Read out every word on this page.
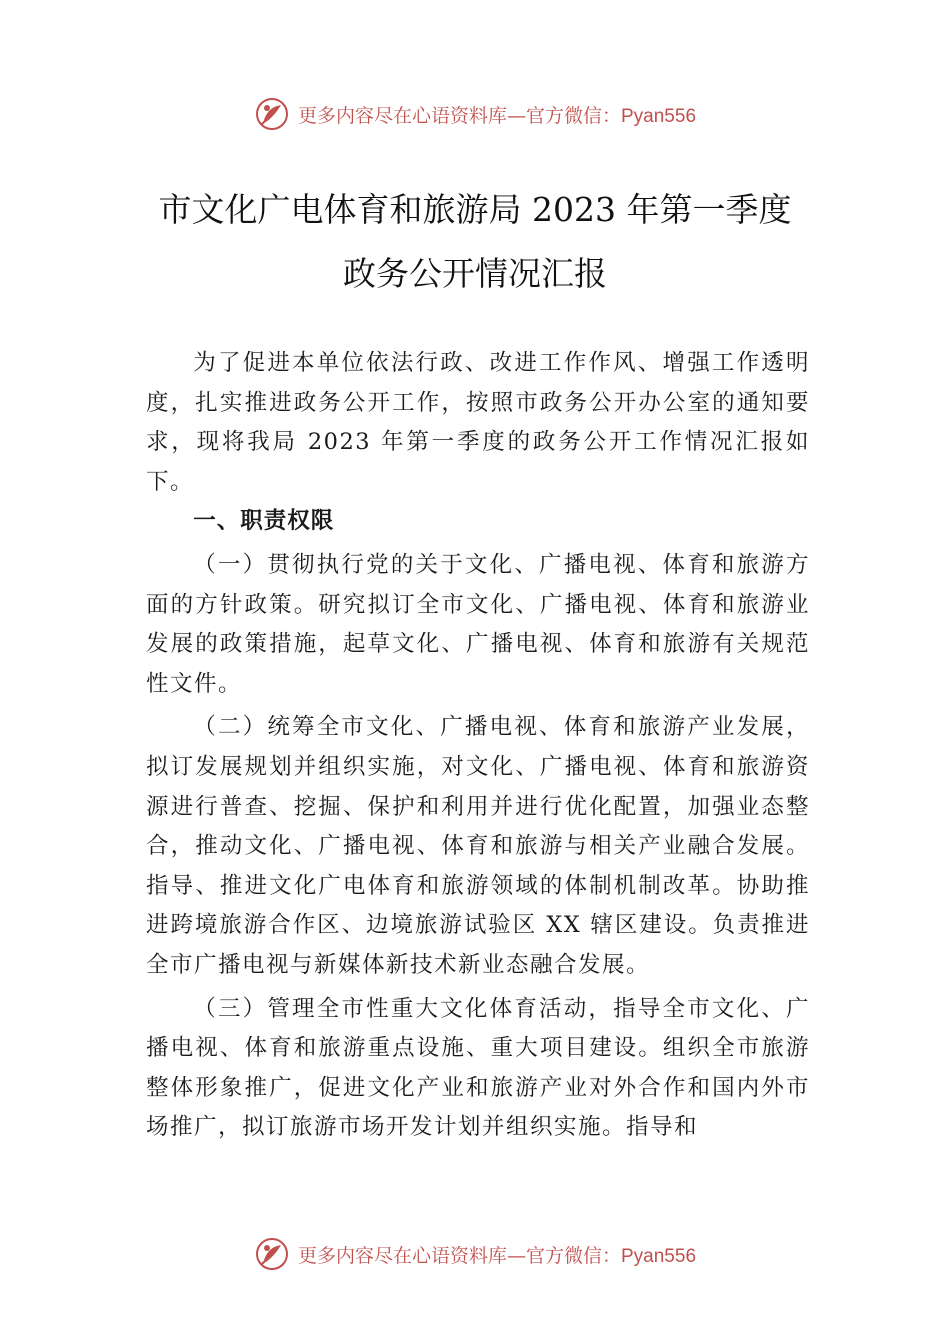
更多内容尽在心语资料库—官方微信：Pyan556
市文化广电体育和旅游局 2023 年第一季度
政务公开情况汇报

为了促进本单位依法行政、改进工作作风、增强工作透明度，扎实推进政务公开工作，按照市政务公开办公室的通知要求，现将我局 2023 年第一季度的政务公开工作情况汇报如下。

一、职责权限

（一）贯彻执行党的关于文化、广播电视、体育和旅游方面的方针政策。研究拟订全市文化、广播电视、体育和旅游业发展的政策措施，起草文化、广播电视、体育和旅游有关规范性文件。

（二）统筹全市文化、广播电视、体育和旅游产业发展，拟订发展规划并组织实施，对文化、广播电视、体育和旅游资源进行普查、挖掘、保护和利用并进行优化配置，加强业态整合，推动文化、广播电视、体育和旅游与相关产业融合发展。指导、推进文化广电体育和旅游领域的体制机制改革。协助推进跨境旅游合作区、边境旅游试验区 XX 辖区建设。负责推进全市广播电视与新媒体新技术新业态融合发展。

（三）管理全市性重大文化体育活动，指导全市文化、广播电视、体育和旅游重点设施、重大项目建设。组织全市旅游整体形象推广，促进文化产业和旅游产业对外合作和国内外市场推广，拟订旅游市场开发计划并组织实施。指导和

更多内容尽在心语资料库—官方微信：Pyan556
